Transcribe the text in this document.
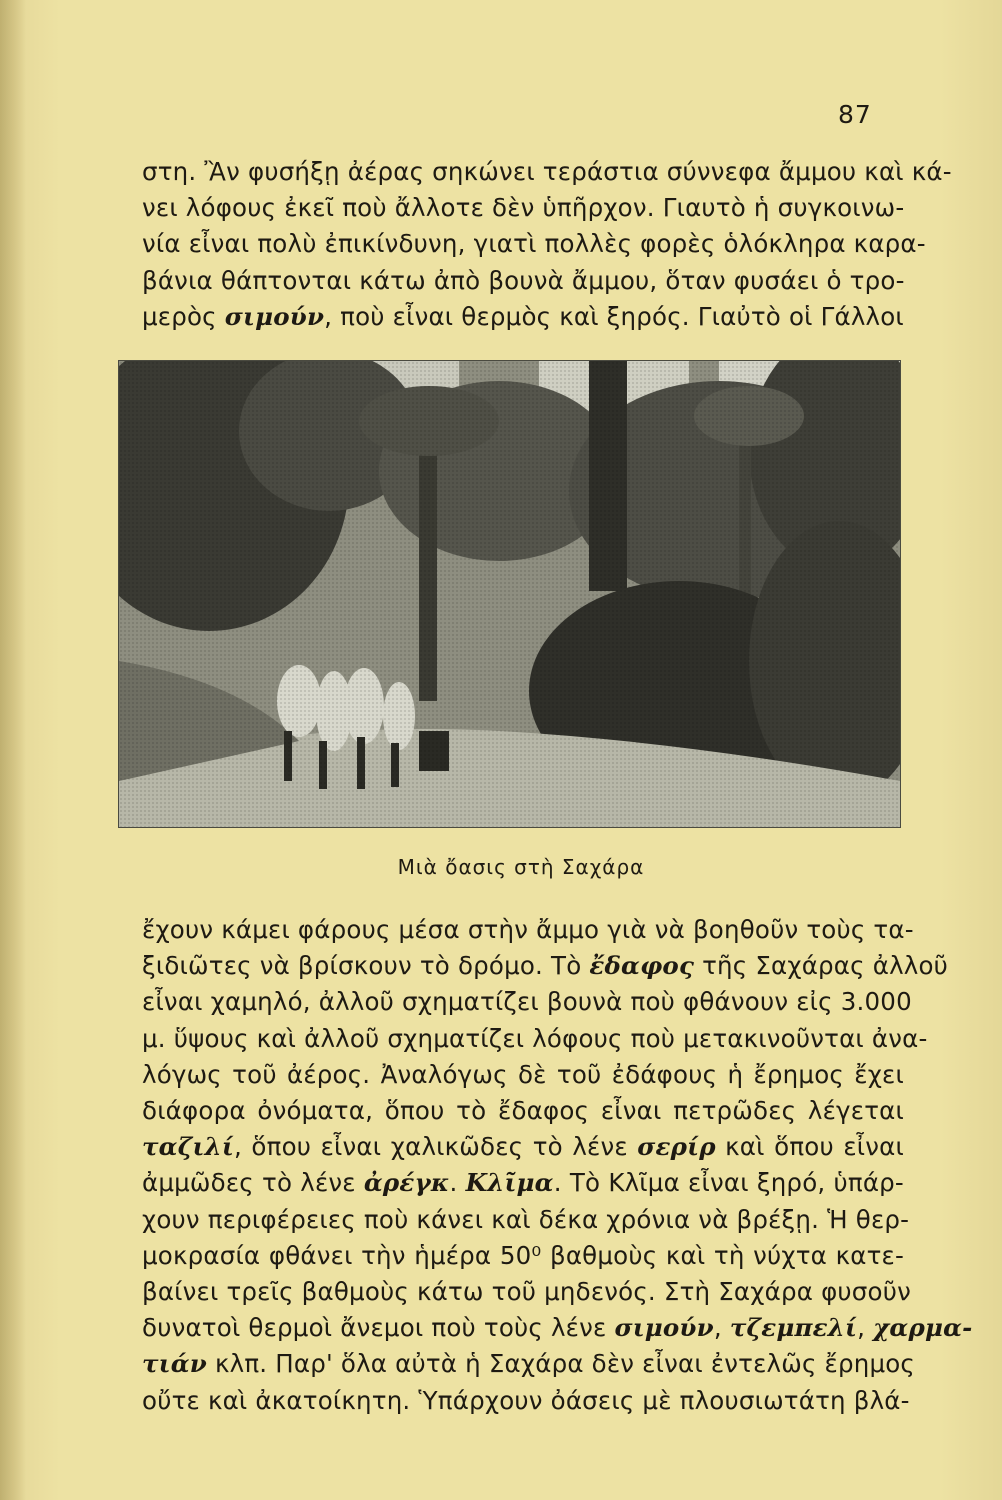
87
στη. Ἂν φυσήξῃ ἀέρας σηκώνει τεράστια σύννεφα ἄμμου καὶ κά-
νει λόφους ἐκεῖ ποὺ ἄλλοτε δὲν ὑπῆρχον. Γιαυτὸ ἡ συγκοινω-
νία εἶναι πολὺ ἐπικίνδυνη, γιατὶ πολλὲς φορὲς ὁλόκληρα καρα-
βάνια θάπτονται κάτω ἀπὸ βουνὰ ἄμμου, ὅταν φυσάει ὁ τρο-
μερὸς σιμούν, ποὺ εἶναι θερμὸς καὶ ξηρός. Γιαὐτὸ οἱ Γάλλοι
Μιὰ ὄασις στὴ Σαχάρα
ἔχουν κάμει φάρους μέσα στὴν ἄμμο γιὰ νὰ βοηθοῦν τοὺς τα-
ξιδιῶτες νὰ βρίσκουν τὸ δρόμο. Τὸ ἔδαφος τῆς Σαχάρας ἀλλοῦ
εἶναι χαμηλό, ἀλλοῦ σχηματίζει βουνὰ ποὺ φθάνουν εἰς 3.000
μ. ὕψους καὶ ἀλλοῦ σχηματίζει λόφους ποὺ μετακινοῦνται ἀνα-
λόγως τοῦ ἀέρος. Ἀναλόγως δὲ τοῦ ἐδάφους ἡ ἔρημος ἔχει
διάφορα ὀνόματα, ὅπου τὸ ἔδαφος εἶναι πετρῶδες λέγεται
ταζιλί, ὅπου εἶναι χαλικῶδες τὸ λένε σερίρ καὶ ὅπου εἶναι
ἀμμῶδες τὸ λένε ἀρέγκ. Κλῖμα. Τὸ Κλῖμα εἶναι ξηρό, ὑπάρ-
χουν περιφέρειες ποὺ κάνει καὶ δέκα χρόνια νὰ βρέξῃ. Ἡ θερ-
μοκρασία φθάνει τὴν ἡμέρα 50⁰ βαθμοὺς καὶ τὴ νύχτα κατε-
βαίνει τρεῖς βαθμοὺς κάτω τοῦ μηδενός. Στὴ Σαχάρα φυσοῦν
δυνατοὶ θερμοὶ ἄνεμοι ποὺ τοὺς λένε σιμούν, τζεμπελί, χαρμα-
τιάν κλπ. Παρ' ὅλα αὐτὰ ἡ Σαχάρα δὲν εἶναι ἐντελῶς ἔρημος
οὔτε καὶ ἀκατοίκητη. Ὑπάρχουν ὀάσεις μὲ πλουσιωτάτη βλά-
